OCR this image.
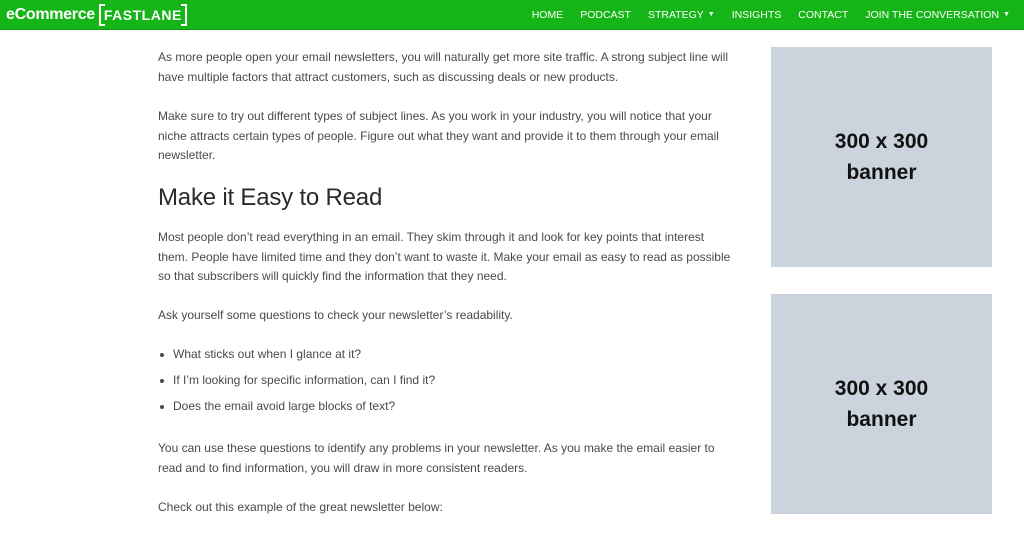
eCommerce FASTLANE	HOME PODCAST STRATEGY ▼ INSIGHTS CONTACT JOIN THE CONVERSATION ▼

As more people open your email newsletters, you will naturally get more site traffic. A strong subject line will

have multiple factors that attract customers, such as discussing deals or new products.

Make sure to try out different types of subject lines. As you work in your industry, you will notice that your

niche attracts certain types of people. Figure out what they want and provide it to them through your email

newsletter.

Make it Easy to Read

Most people don’t read everything in an email. They skim through it and look for key points that interest

them. People have limited time and they don’t want to waste it. Make your email as easy to read as possible

so that subscribers will quickly find the information that they need.

Ask yourself some questions to check your newsletter’s readability.

What sticks out when I glance at it?
If I’m looking for specific information, can I find it?
Does the email avoid large blocks of text?

You can use these questions to identify any problems in your newsletter. As you make the email easier to

read and to find information, you will draw in more consistent readers.

Check out this example of the great newsletter below:

300 x 300
banner
300 x 300
banner
